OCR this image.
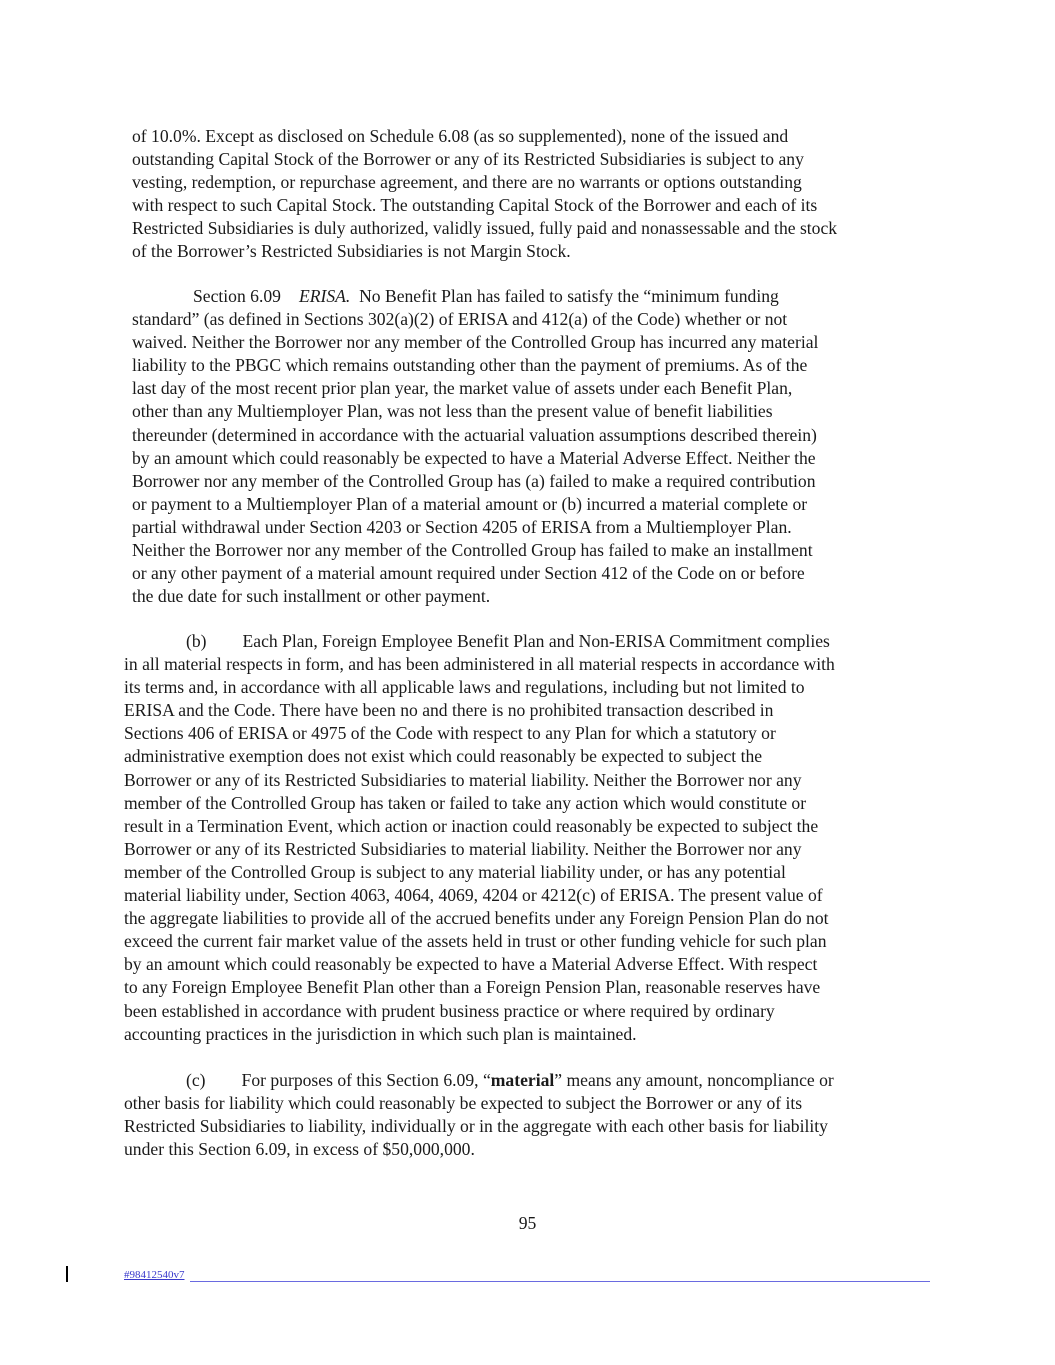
of 10.0%. Except as disclosed on Schedule 6.08 (as so supplemented), none of the issued and
outstanding Capital Stock of the Borrower or any of its Restricted Subsidiaries is subject to any
vesting, redemption, or repurchase agreement, and there are no warrants or options outstanding
with respect to such Capital Stock. The outstanding Capital Stock of the Borrower and each of its
Restricted Subsidiaries is duly authorized, validly issued, fully paid and nonassessable and the stock
of the Borrower’s Restricted Subsidiaries is not Margin Stock.
Section 6.09 ERISA. No Benefit Plan has failed to satisfy the “minimum funding
standard” (as defined in Sections 302(a)(2) of ERISA and 412(a) of the Code) whether or not
waived. Neither the Borrower nor any member of the Controlled Group has incurred any material
liability to the PBGC which remains outstanding other than the payment of premiums. As of the
last day of the most recent prior plan year, the market value of assets under each Benefit Plan,
other than any Multiemployer Plan, was not less than the present value of benefit liabilities
thereunder (determined in accordance with the actuarial valuation assumptions described therein)
by an amount which could reasonably be expected to have a Material Adverse Effect. Neither the
Borrower nor any member of the Controlled Group has (a) failed to make a required contribution
or payment to a Multiemployer Plan of a material amount or (b) incurred a material complete or
partial withdrawal under Section 4203 or Section 4205 of ERISA from a Multiemployer Plan.
Neither the Borrower nor any member of the Controlled Group has failed to make an installment
or any other payment of a material amount required under Section 412 of the Code on or before
the due date for such installment or other payment.
(b) Each Plan, Foreign Employee Benefit Plan and Non-ERISA Commitment complies
in all material respects in form, and has been administered in all material respects in accordance with
its terms and, in accordance with all applicable laws and regulations, including but not limited to
ERISA and the Code. There have been no and there is no prohibited transaction described in
Sections 406 of ERISA or 4975 of the Code with respect to any Plan for which a statutory or
administrative exemption does not exist which could reasonably be expected to subject the
Borrower or any of its Restricted Subsidiaries to material liability. Neither the Borrower nor any
member of the Controlled Group has taken or failed to take any action which would constitute or
result in a Termination Event, which action or inaction could reasonably be expected to subject the
Borrower or any of its Restricted Subsidiaries to material liability. Neither the Borrower nor any
member of the Controlled Group is subject to any material liability under, or has any potential
material liability under, Section 4063, 4064, 4069, 4204 or 4212(c) of ERISA. The present value of
the aggregate liabilities to provide all of the accrued benefits under any Foreign Pension Plan do not
exceed the current fair market value of the assets held in trust or other funding vehicle for such plan
by an amount which could reasonably be expected to have a Material Adverse Effect. With respect
to any Foreign Employee Benefit Plan other than a Foreign Pension Plan, reasonable reserves have
been established in accordance with prudent business practice or where required by ordinary
accounting practices in the jurisdiction in which such plan is maintained.
(c) For purposes of this Section 6.09, “material” means any amount, noncompliance or
other basis for liability which could reasonably be expected to subject the Borrower or any of its
Restricted Subsidiaries to liability, individually or in the aggregate with each other basis for liability
under this Section 6.09, in excess of $50,000,000.
95
#98412540v7
